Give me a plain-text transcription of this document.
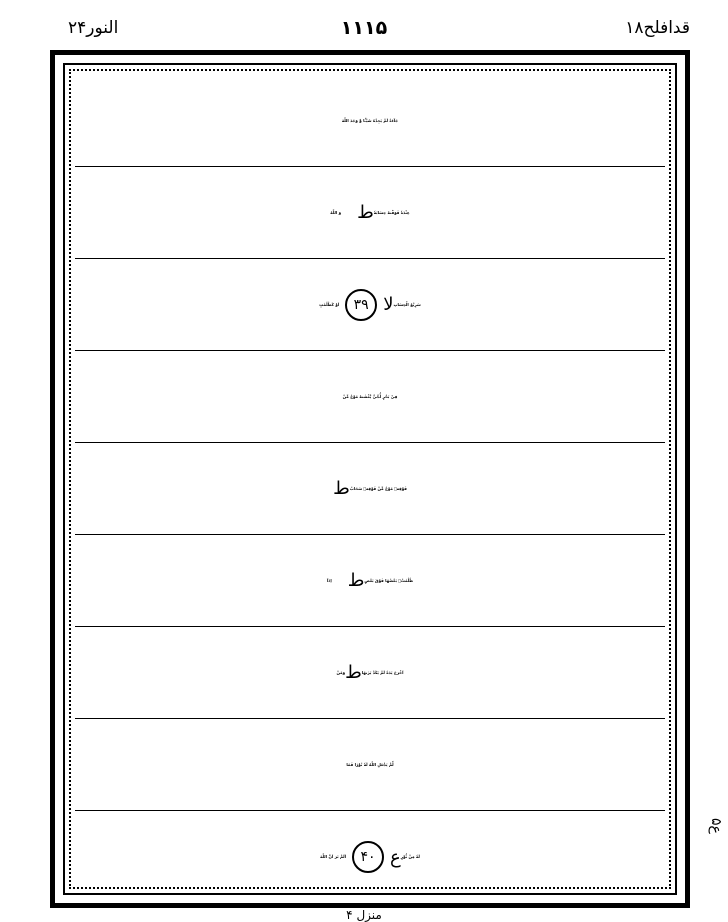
النور۲۴	۱۱۱۵	قدافلح۱۸
جَآءَهٗ لَمْ يَجِدْهُ شَيْـًٔا وَّ وَجَدَ اللّٰهَ
عِنْدَهٗ فَوَفّٰىهُ حِسَابَهٗ
ط
وَ اللّٰهُ
سَرِيْعُ الْحِسَابِ
لا
۳۹
اَوْ كَظُلُمٰتٍ
فِيْ بَحْرٍ لُّجِّيٍّ يَّغْشٰىهُ مَوْجٌ مِّنْ
فَوْقِهٖ مَوْجٌ مِّنْ فَوْقِهٖ سَحَابٌ
ط
ظُلُمٰتٌۢ بَعْضُهَا فَوْقَ بَعْضٍ
ط
اِذَآ
اَخْرَجَ يَدَهٗ لَمْ يَكَدْ يَرٰىهَا
ط
وَمَنْ
لَّمْ يَجْعَلِ اللّٰهُ لَهٗ نُوْرًا فَمَا
لَهٗ مِنْ نُّوْرٍ
ع
۴۰
اَلَمْ تَرَ اَنَّ اللّٰهَ
ع۵
منزل ۴
